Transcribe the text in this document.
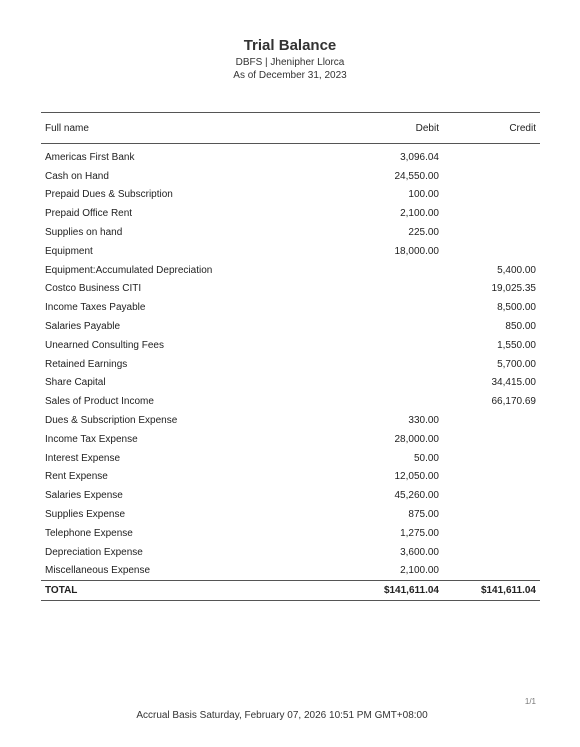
Trial Balance
DBFS | Jhenipher Llorca
As of December 31, 2023
Full name	Debit	Credit

Americas First Bank	3,096.04	
Cash on Hand	24,550.00	
Prepaid Dues & Subscription	100.00	
Prepaid Office Rent	2,100.00	
Supplies on hand	225.00	
Equipment	18,000.00	
Equipment:Accumulated Depreciation		5,400.00
Costco Business CITI		19,025.35
Income Taxes Payable		8,500.00
Salaries Payable		850.00
Unearned Consulting Fees		1,550.00
Retained Earnings		5,700.00
Share Capital		34,415.00
Sales of Product Income		66,170.69
Dues & Subscription Expense	330.00	
Income Tax Expense	28,000.00	
Interest Expense	50.00	
Rent Expense	12,050.00	
Salaries Expense	45,260.00	
Supplies Expense	875.00	
Telephone Expense	1,275.00	
Depreciation Expense	3,600.00	
Miscellaneous Expense	2,100.00	
TOTAL	$141,611.04	$141,611.04
1/1
Accrual Basis Saturday, February 07, 2026 10:51 PM GMT+08:00
